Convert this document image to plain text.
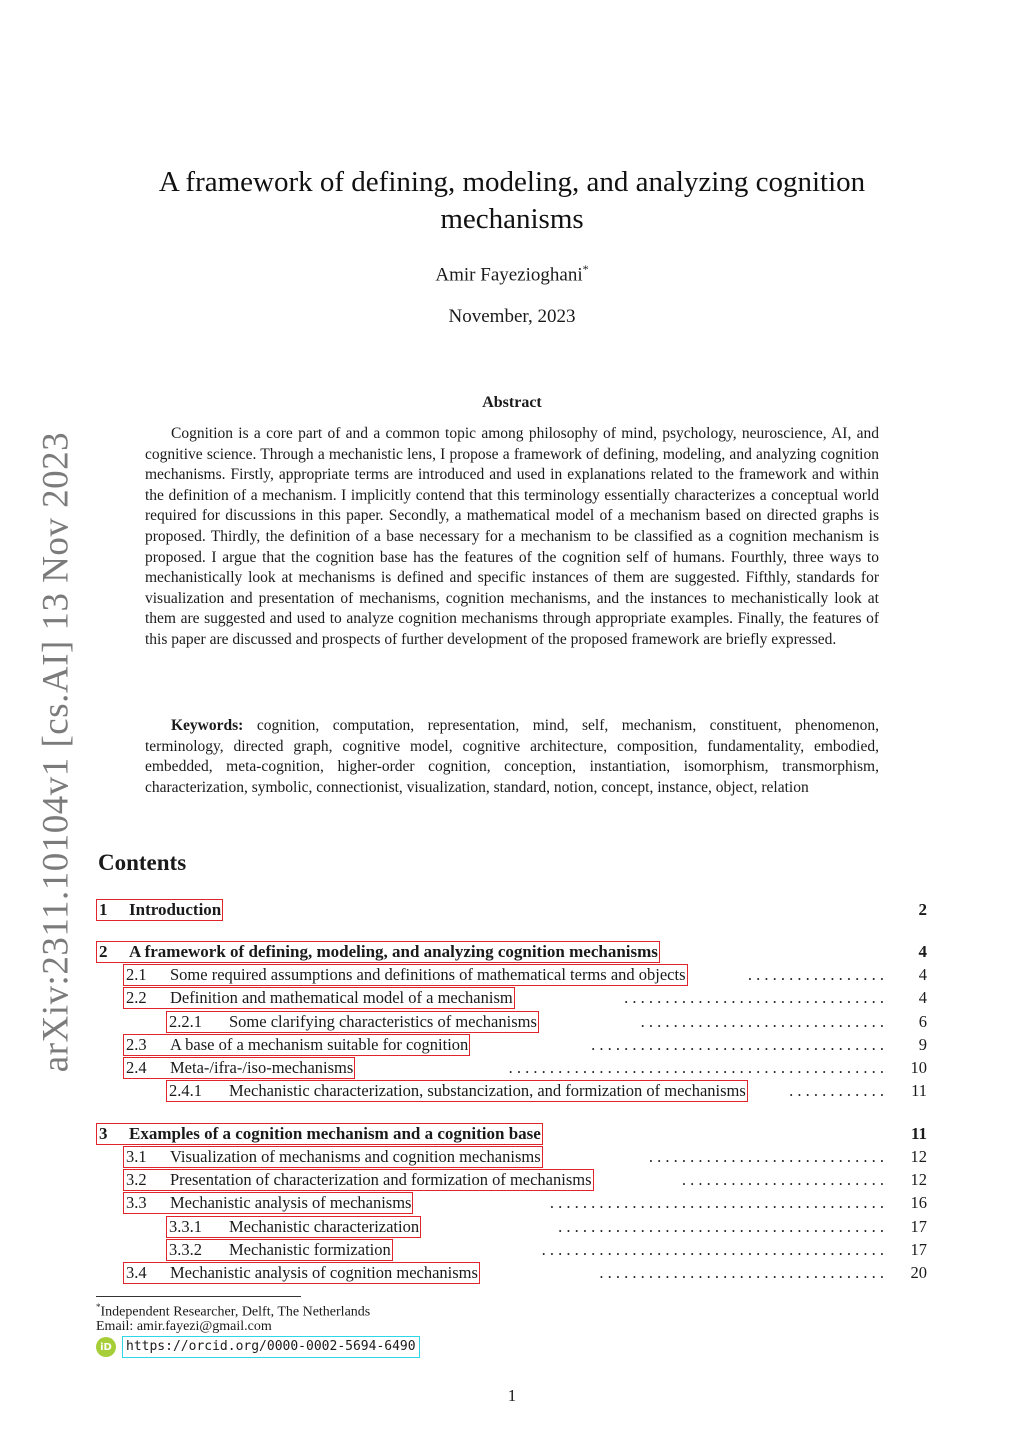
arXiv:2311.10104v1 [cs.AI] 13 Nov 2023
A framework of defining, modeling, and analyzing cognition mechanisms
Amir Fayezioghani*
November, 2023
Abstract

Cognition is a core part of and a common topic among philosophy of mind, psychology, neuroscience, AI, and cognitive science. Through a mechanistic lens, I propose a framework of defining, modeling, and analyzing cognition mechanisms. Firstly, appropriate terms are introduced and used in explanations related to the framework and within the definition of a mechanism. I implicitly contend that this terminology essentially characterizes a conceptual world required for discussions in this paper. Secondly, a mathematical model of a mechanism based on directed graphs is proposed. Thirdly, the definition of a base necessary for a mechanism to be classified as a cognition mechanism is proposed. I argue that the cognition base has the features of the cognition self of humans. Fourthly, three ways to mechanistically look at mechanisms is defined and specific instances of them are suggested. Fifthly, standards for visualization and presentation of mechanisms, cognition mechanisms, and the instances to mechanistically look at them are suggested and used to analyze cognition mechanisms through appropriate examples. Finally, the features of this paper are discussed and prospects of further development of the proposed framework are briefly expressed.

Keywords: cognition, computation, representation, mind, self, mechanism, constituent, phenomenon, terminology, directed graph, cognitive model, cognitive architecture, composition, fundamentality, embodied, embedded, meta-cognition, higher-order cognition, conception, instantiation, isomorphism, transmorphism, characterization, symbolic, connectionist, visualization, standard, notion, concept, instance, object, relation

Contents
1 Introduction	2
2 A framework of defining, modeling, and analyzing cognition mechanisms	4
2.1 Some required assumptions and definitions of mathematical terms and objects	4
. . . . . . . . . . . . . . . . .
2.2 Definition and mathematical model of a mechanism	4
. . . . . . . . . . . . . . . . . . . . . . . . . . . . . . . .
2.2.1 Some clarifying characteristics of mechanisms	6
. . . . . . . . . . . . . . . . . . . . . . . . . . . . . .
2.3 A base of a mechanism suitable for cognition	9
. . . . . . . . . . . . . . . . . . . . . . . . . . . . . . . . . . . .
2.4 Meta-/ifra-/iso-mechanisms	10
. . . . . . . . . . . . . . . . . . . . . . . . . . . . . . . . . . . . . . . . . . . . . .
2.4.1 Mechanistic characterization, substancization, and formization of mechanisms	11
. . . . . . . . . . . .
3 Examples of a cognition mechanism and a cognition base	11
3.1 Visualization of mechanisms and cognition mechanisms	12
. . . . . . . . . . . . . . . . . . . . . . . . . . . . .
3.2 Presentation of characterization and formization of mechanisms	12
. . . . . . . . . . . . . . . . . . . . . . . . .
3.3 Mechanistic analysis of mechanisms	16
. . . . . . . . . . . . . . . . . . . . . . . . . . . . . . . . . . . . . . . . .
3.3.1 Mechanistic characterization	17
. . . . . . . . . . . . . . . . . . . . . . . . . . . . . . . . . . . . . . . .
3.3.2 Mechanistic formization	17
. . . . . . . . . . . . . . . . . . . . . . . . . . . . . . . . . . . . . . . . . .
3.4 Mechanistic analysis of cognition mechanisms	20
. . . . . . . . . . . . . . . . . . . . . . . . . . . . . . . . . . .
*Independent Researcher, Delft, The Netherlands
Email: amir.fayezi@gmail.com
iD	https://orcid.org/0000-0002-5694-6490
1
